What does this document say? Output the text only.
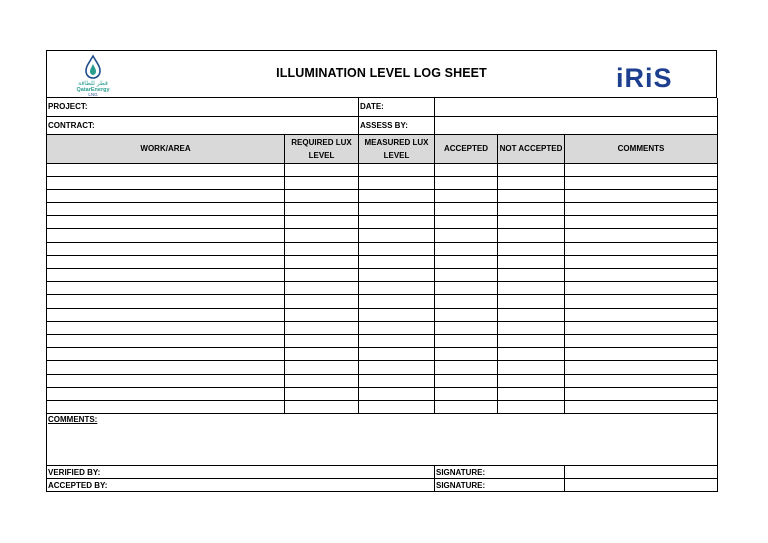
قطر للطاقة
QatarEnergy
LNG
ILLUMINATION LEVEL LOG SHEET	iRiS
PROJECT:		DATE:			
CONTRACT:		ASSESS BY:			
WORK/AREA	REQUIRED LUX LEVEL	MEASURED LUX LEVEL	ACCEPTED	NOT ACCEPTED	COMMENTS

COMMENTS:					
VERIFIED BY:			SIGNATURE:		
ACCEPTED BY:			SIGNATURE:		
